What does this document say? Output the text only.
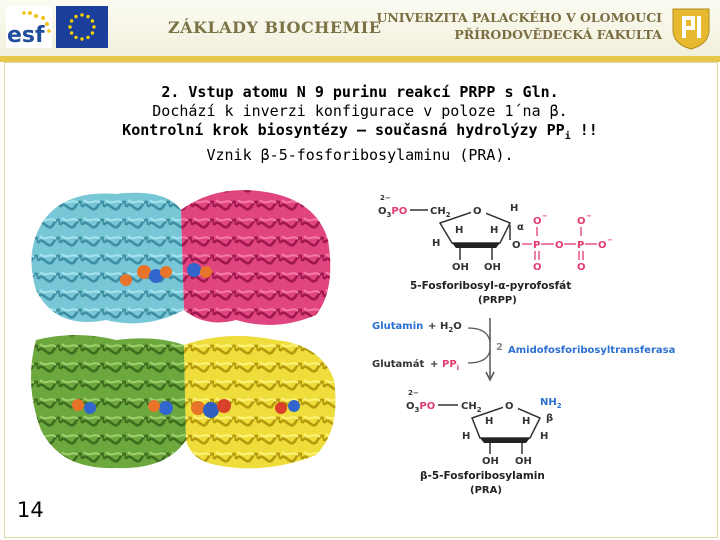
esf	ZÁKLADY BIOCHEMIE
UNIVERZITA PALACKÉHO V OLOMOUCI
PŘÍRODOVĚDECKÁ FAKULTA
2. Vstup atomu N 9 purinu reakcí PRPP s Gln.
Dochází k inverzi konfigurace v poloze 1´na β.
Kontrolní krok biosyntézy – současná hydrolýzy $PP_i$ !!
Vznik β-5-fosforibosylaminu (PRA).
2−
$O_3PO$ $CH_2$ O	H
H	H
H
α
OH OH
O P O P O
O	O
−	−
−
O	O
5-Fosforibosyl-α-pyrofosfát
(PRPP)
Glutamin + $H_2O$
2 Amidofosforibosyltransferasa
Glutamát + $PP_i$
2−
$O_3PO$	$CH_2$ O	$NH_2$
β
H	H
H	H
OH OH
β-5-Fosforibosylamin
(PRA)
14
